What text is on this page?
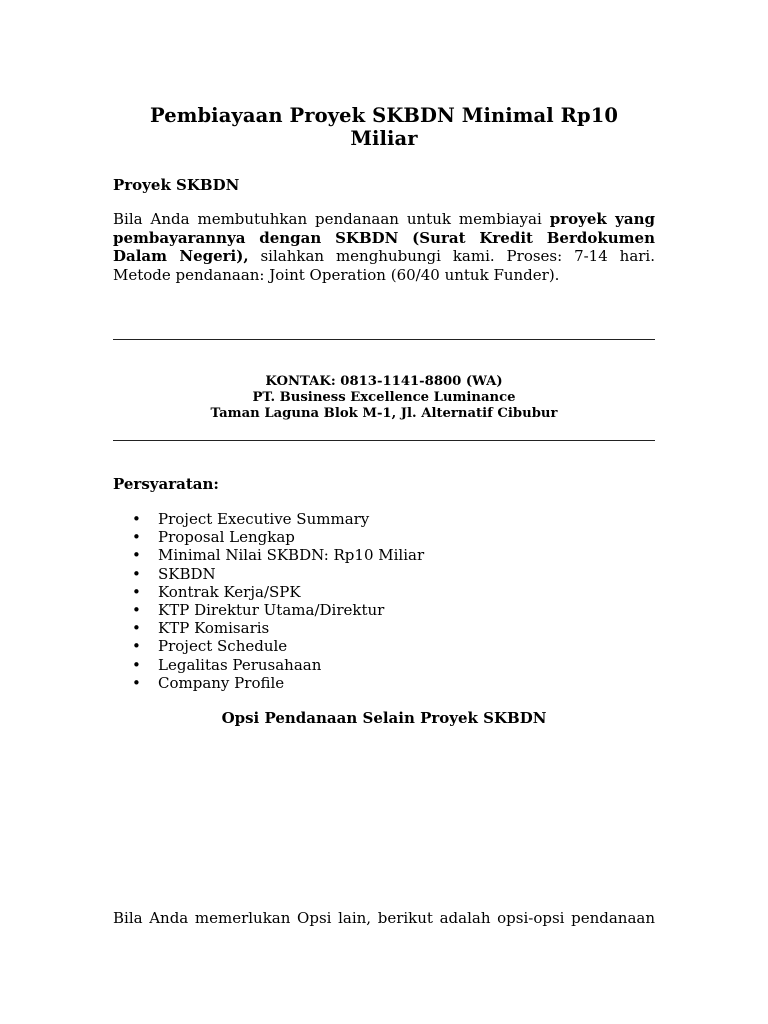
Pembiayaan Proyek SKBDN Minimal Rp10 Miliar
Proyek SKBDN
Bila Anda membutuhkan pendanaan untuk membiayai proyek yang pembayarannya dengan SKBDN (Surat Kredit Berdokumen Dalam Negeri), silahkan menghubungi kami. Proses: 7-14 hari. Metode pendanaan: Joint Operation (60/40 untuk Funder).
KONTAK: 0813-1141-8800 (WA)
PT. Business Excellence Luminance
Taman Laguna Blok M-1, Jl. Alternatif Cibubur
Persyaratan:
• Project Executive Summary
• Proposal Lengkap
• Minimal Nilai SKBDN: Rp10 Miliar
• SKBDN
• Kontrak Kerja/SPK
• KTP Direktur Utama/Direktur
• KTP Komisaris
• Project Schedule
• Legalitas Perusahaan
• Company Profile
Opsi Pendanaan Selain Proyek SKBDN
Bila Anda memerlukan Opsi lain, berikut adalah opsi-opsi pendanaan
